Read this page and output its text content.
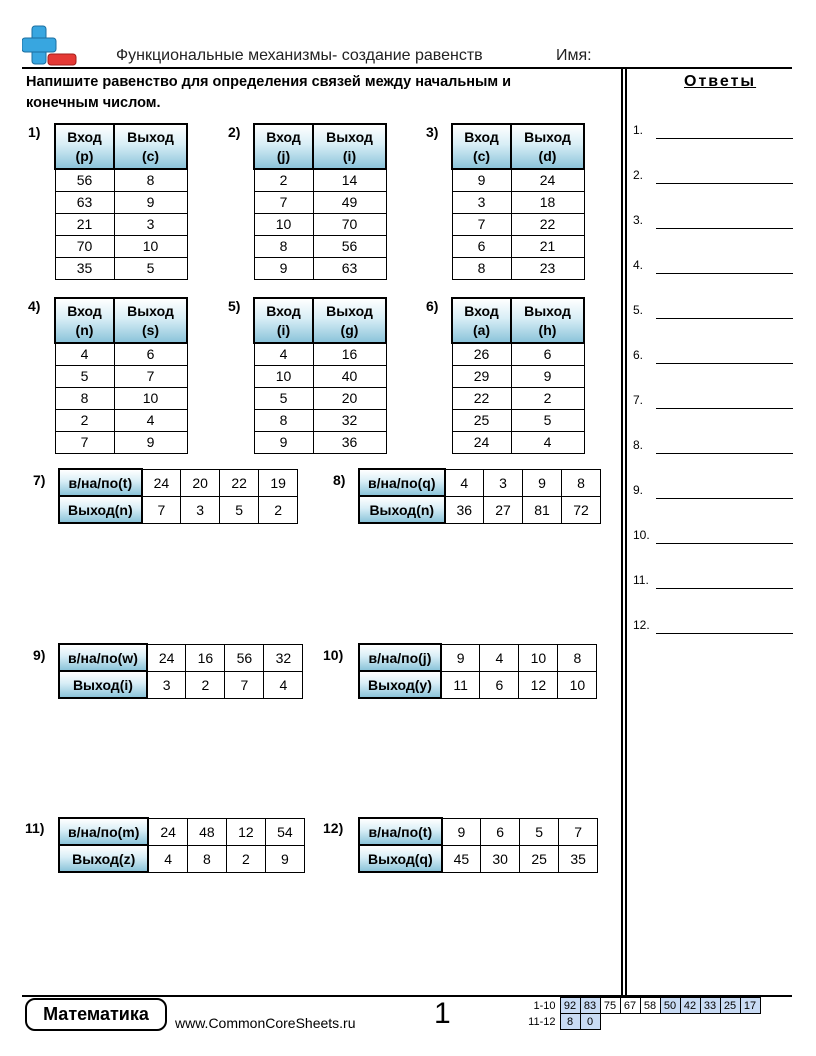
Функциональные механизмы- создание равенств	Имя:
Напишите равенство для определения связей между начальным и конечным числом.
Ответы
1.
2.
3.
4.
5.
6.
7.
8.
9.
10.
11.
12.
1) Вход
(p)	Выход
(c)
56	8
63	9
21	3
70	10
35	5
2) Вход
(j)	Выход
(i)
2	14
7	49
10	70
8	56
9	63
3) Вход
(c)	Выход
(d)
9	24
3	18
7	22
6	21
8	23
4) Вход
(n)	Выход
(s)
4	6
5	7
8	10
2	4
7	9
5) Вход
(i)	Выход
(g)
4	16
10	40
5	20
8	32
9	36
6) Вход
(a)	Выход
(h)
26	6
29	9
22	2
25	5
24	4
7) в/на/по(t)	24	20	22	19
Выход(n)	7	3	5	2
8) в/на/по(q)	4	3	9	8
Выход(n)	36	27	81	72
9) в/на/по(w)	24	16	56	32
Выход(i)	3	2	7	4
10) в/на/по(j)	9	4	10	8
Выход(y)	11	6	12	10
11) в/на/по(m)	24	48	12	54
Выход(z)	4	8	2	9
12) в/на/по(t)	9	6	5	7
Выход(q)	45	30	25	35
Математика	www.CommonCoreSheets.ru	1	1-10	92	83	75	67	58	50	42	33	25	17
11-12	8	0								
